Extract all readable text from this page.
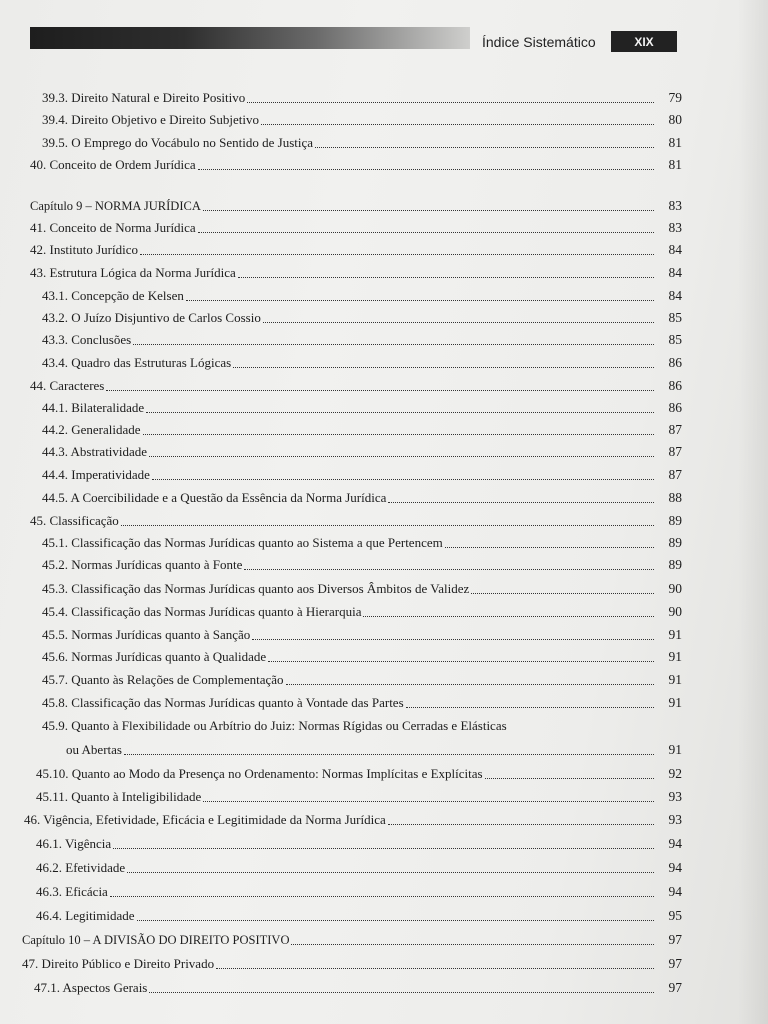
Índice Sistemático	XIX
39.3. Direito Natural e Direito Positivo	79
39.4. Direito Objetivo e Direito Subjetivo	80
39.5. O Emprego do Vocábulo no Sentido de Justiça	81
40. Conceito de Ordem Jurídica	81
Capítulo 9 – NORMA JURÍDICA	83
41. Conceito de Norma Jurídica	83
42. Instituto Jurídico	84
43. Estrutura Lógica da Norma Jurídica	84
43.1. Concepção de Kelsen	84
43.2. O Juízo Disjuntivo de Carlos Cossio	85
43.3. Conclusões	85
43.4. Quadro das Estruturas Lógicas	86
44. Caracteres	86
44.1. Bilateralidade	86
44.2. Generalidade	87
44.3. Abstratividade	87
44.4. Imperatividade	87
44.5. A Coercibilidade e a Questão da Essência da Norma Jurídica	88
45. Classificação	89
45.1. Classificação das Normas Jurídicas quanto ao Sistema a que Pertencem	89
45.2. Normas Jurídicas quanto à Fonte	89
45.3. Classificação das Normas Jurídicas quanto aos Diversos Âmbitos de Validez	90
45.4. Classificação das Normas Jurídicas quanto à Hierarquia	90
45.5. Normas Jurídicas quanto à Sanção	91
45.6. Normas Jurídicas quanto à Qualidade	91
45.7. Quanto às Relações de Complementação	91
45.8. Classificação das Normas Jurídicas quanto à Vontade das Partes	91
45.9. Quanto à Flexibilidade ou Arbítrio do Juiz: Normas Rígidas ou Cerradas e Elásticas
ou Abertas	91
45.10. Quanto ao Modo da Presença no Ordenamento: Normas Implícitas e Explícitas	92
45.11. Quanto à Inteligibilidade	93
46. Vigência, Efetividade, Eficácia e Legitimidade da Norma Jurídica	93
46.1. Vigência	94
46.2. Efetividade	94
46.3. Eficácia	94
46.4. Legitimidade	95
Capítulo 10 – A DIVISÃO DO DIREITO POSITIVO	97
47. Direito Público e Direito Privado	97
47.1. Aspectos Gerais	97
